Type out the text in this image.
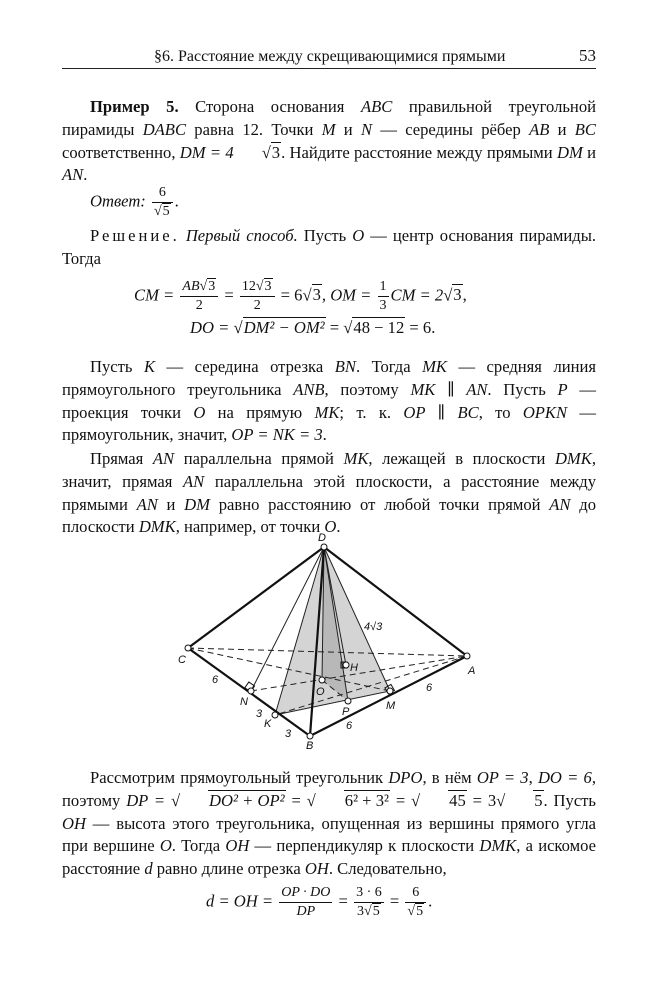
§6. Расстояние между скрещивающимися прямыми	53
Пример 5. Сторона основания ABC правильной треугольной пирамиды DABC равна 12. Точки M и N — середины рёбер AB и BC соответственно, DM = 4 √3. Найдите расстояние между прямыми DM и AN.
Ответ: $\frac{6}{√5}$ .
Решение. Первый способ. Пусть O — центр основания пирамиды. Тогда
CM = $\frac{AB√3}{2} = \frac{12√3}{2} = 6√3$, OM = $\frac{1}{3}$ CM = 2√3,
DO = √DM² − OM² = √48 − 12 = 6.
Пусть K — середина отрезка BN. Тогда MK — средняя линия прямоугольного треугольника ANB, поэтому MK ∥ AN. Пусть P — проекция точки O на прямую MK; т. к. OP ∥ BC, то OPKN — прямоугольник, значит, OP = NK = 3.
Прямая AN параллельна прямой MK, лежащей в плоскости DMK, значит, прямая AN параллельна этой плоскости, а расстояние между прямыми AN и DM равно расстоянию от любой точки прямой AN до плоскости DMK, например, от точки O.
D
C
A
B
N	M
K
P
O
H
4√3
6
6
3
3
6
Рассмотрим прямоугольный треугольник DPO, в нём OP = 3, DO = 6, поэтому DP = √ DO² + OP² = √ 6² + 3² = √ 45 = 3√ 5. Пусть OH — высота этого треугольника, опущенная из вершины прямого угла при вершине O. Тогда OH — перпендикуляр к плоскости DMK, а искомое расстояние d равно длине отрезка OH. Следовательно,
d = OH = $\frac{OP \cdot DO}{DP} = \frac{3 \cdot 6}{3√5} = \frac{6}{√5}$ .
